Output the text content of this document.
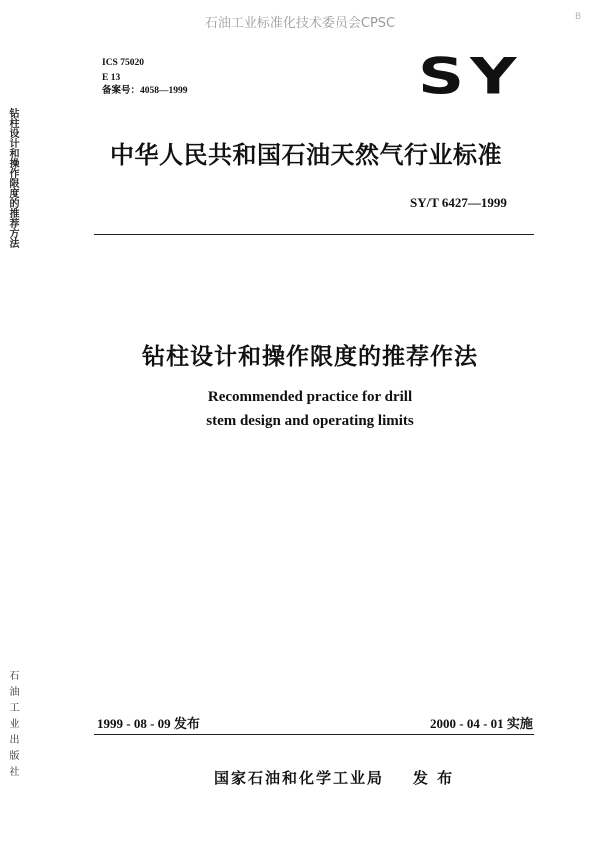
石油工业标准化技术委员会CPSC	B
ICS 75020
E 13
备案号：4058—1999	SY
中华人民共和国石油天然气行业标准
SY/T 6427—1999
钻柱设计和操作限度的推荐作法
Recommended practice for drill
stem design and operating limits
钻柱设计和操作限度的推荐方法
石油工业出版社	1999 - 08 - 09 发布	2000 - 04 - 01 实施
国家石油和化学工业局    发 布
